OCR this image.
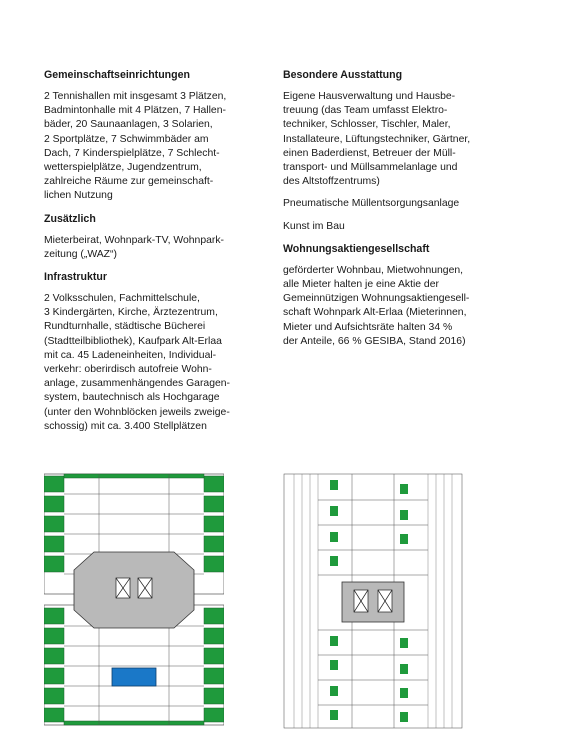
Gemeinschaftseinrichtungen

2 Tennishallen mit insgesamt 3 Plätzen,
Badmintonhalle mit 4 Plätzen, 7 Hallen-
bäder, 20 Saunaanlagen, 3 Solarien,
2 Sportplätze, 7 Schwimmbäder am
Dach, 7 Kinderspielplätze, 7 Schlecht-
wetterspielplätze, Jugendzentrum,
zahlreiche Räume zur gemeinschaft-
lichen Nutzung

Zusätzlich

Mieterbeirat, Wohnpark-TV, Wohnpark-
zeitung („WAZ“)

Infrastruktur

2 Volksschulen, Fachmittelschule,
3 Kindergärten, Kirche, Ärztezentrum,
Rundturnhalle, städtische Bücherei
(Stadtteilbibliothek), Kaufpark Alt-Erlaa
mit ca. 45 Ladeneinheiten, Individual-
verkehr: oberirdisch autofreie Wohn-
anlage, zusammenhängendes Garagen-
system, bautechnisch als Hochgarage
(unter den Wohnblöcken jeweils zweige-
schossig) mit ca. 3.400 Stellplätzen

Besondere Ausstattung

Eigene Hausverwaltung und Hausbe-
treuung (das Team umfasst Elektro-
techniker, Schlosser, Tischler, Maler,
Installateure, Lüftungstechniker, Gärtner,
einen Baderdienst, Betreuer der Müll-
transport- und Müllsammelanlage und
des Altstoffzentrums)

Pneumatische Müllentsorgungsanlage

Kunst im Bau

Wohnungsaktiengesellschaft

geförderter Wohnbau, Mietwohnungen,
alle Mieter halten je eine Aktie der
Gemeinnützigen Wohnungsaktiengesell-
schaft Wohnpark Alt-Erlaa (Mieterinnen,
Mieter und Aufsichtsräte halten 34 %
der Anteile, 66 % GESIBA, Stand 2016)
